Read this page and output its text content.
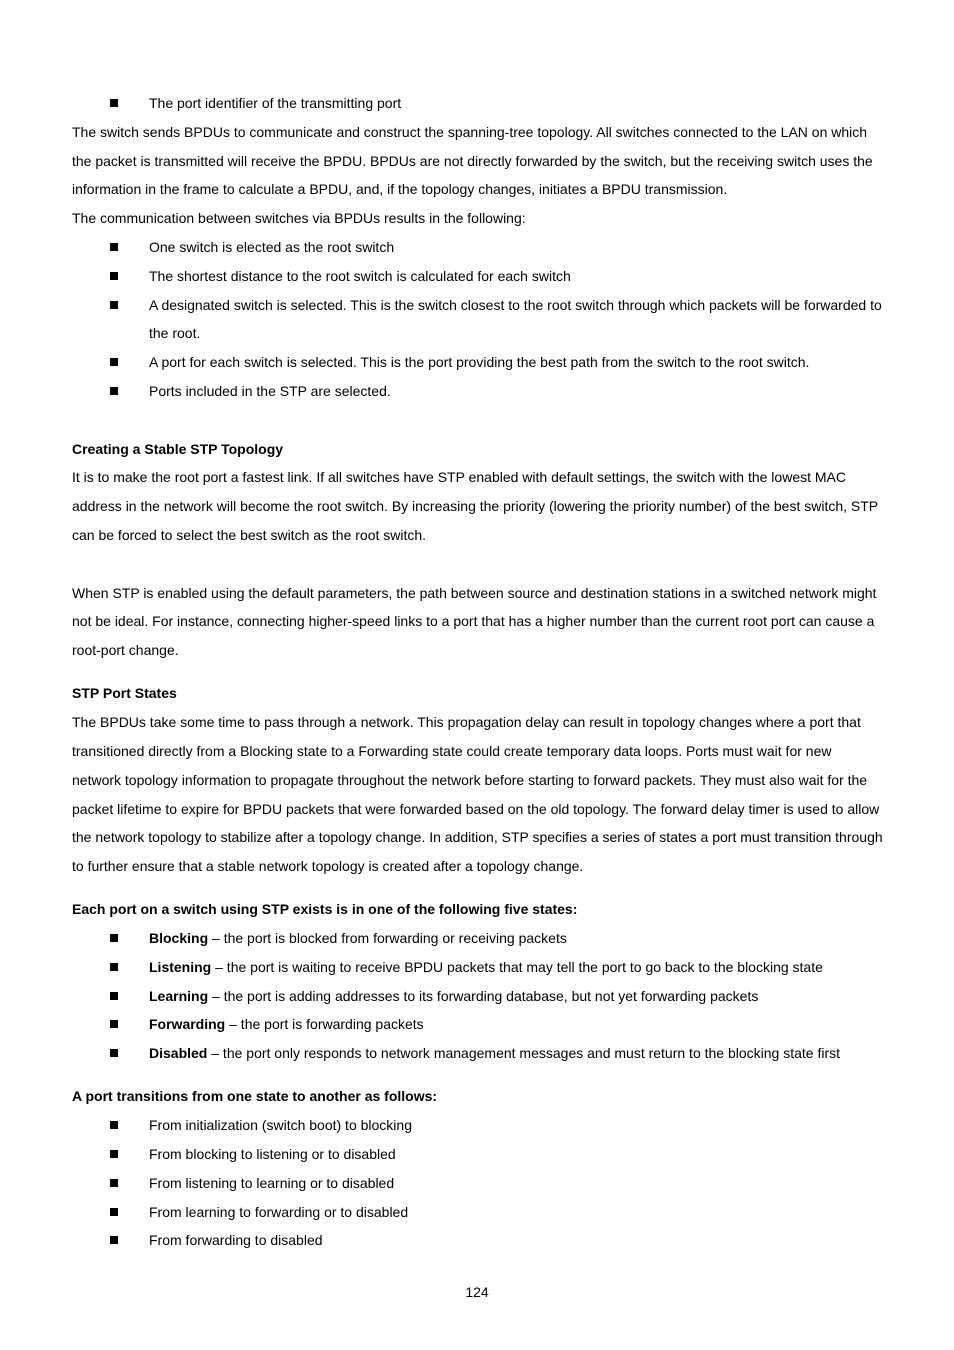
The port identifier of the transmitting port

The switch sends BPDUs to communicate and construct the spanning-tree topology. All switches connected to the LAN on which the packet is transmitted will receive the BPDU. BPDUs are not directly forwarded by the switch, but the receiving switch uses the information in the frame to calculate a BPDU, and, if the topology changes, initiates a BPDU transmission.

The communication between switches via BPDUs results in the following:

One switch is elected as the root switch

The shortest distance to the root switch is calculated for each switch

A designated switch is selected. This is the switch closest to the root switch through which packets will be forwarded to the root.

A port for each switch is selected. This is the port providing the best path from the switch to the root switch.

Ports included in the STP are selected.

Creating a Stable STP Topology

It is to make the root port a fastest link. If all switches have STP enabled with default settings, the switch with the lowest MAC address in the network will become the root switch. By increasing the priority (lowering the priority number) of the best switch, STP can be forced to select the best switch as the root switch.

When STP is enabled using the default parameters, the path between source and destination stations in a switched network might not be ideal. For instance, connecting higher-speed links to a port that has a higher number than the current root port can cause a root-port change.

STP Port States

The BPDUs take some time to pass through a network. This propagation delay can result in topology changes where a port that transitioned directly from a Blocking state to a Forwarding state could create temporary data loops. Ports must wait for new network topology information to propagate throughout the network before starting to forward packets. They must also wait for the packet lifetime to expire for BPDU packets that were forwarded based on the old topology. The forward delay timer is used to allow the network topology to stabilize after a topology change. In addition, STP specifies a series of states a port must transition through to further ensure that a stable network topology is created after a topology change.

Each port on a switch using STP exists is in one of the following five states:

Blocking – the port is blocked from forwarding or receiving packets

Listening – the port is waiting to receive BPDU packets that may tell the port to go back to the blocking state

Learning – the port is adding addresses to its forwarding database, but not yet forwarding packets

Forwarding – the port is forwarding packets

Disabled – the port only responds to network management messages and must return to the blocking state first

A port transitions from one state to another as follows:

From initialization (switch boot) to blocking

From blocking to listening or to disabled

From listening to learning or to disabled

From learning to forwarding or to disabled

From forwarding to disabled

124
